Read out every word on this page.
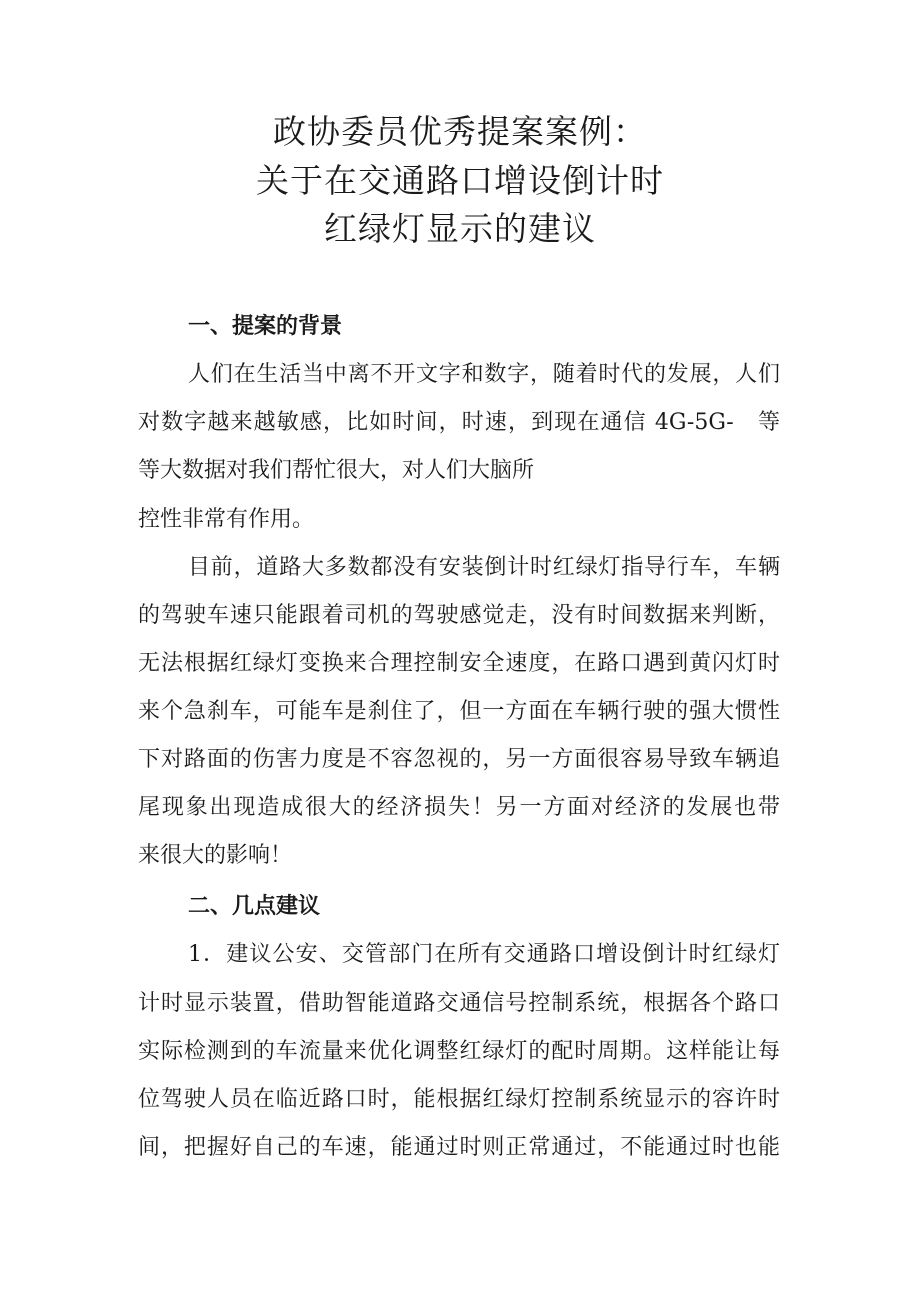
政协委员优秀提案案例：
关于在交通路口增设倒计时
红绿灯显示的建议
一、提案的背景
人们在生活当中离不开文字和数字，随着时代的发展，人们
对数字越来越敏感，比如时间，时速，到现在通信 4G-5G-　等
等大数据对我们帮忙很大，对人们大脑所
控性非常有作用。
目前，道路大多数都没有安装倒计时红绿灯指导行车，车辆
的驾驶车速只能跟着司机的驾驶感觉走，没有时间数据来判断，
无法根据红绿灯变换来合理控制安全速度，在路口遇到黄闪灯时
来个急刹车，可能车是刹住了，但一方面在车辆行驶的强大惯性
下对路面的伤害力度是不容忽视的，另一方面很容易导致车辆追
尾现象出现造成很大的经济损失！另一方面对经济的发展也带
来很大的影响！
二、几点建议
1．建议公安、交管部门在所有交通路口增设倒计时红绿灯
计时显示装置，借助智能道路交通信号控制系统，根据各个路口
实际检测到的车流量来优化调整红绿灯的配时周期。这样能让每
位驾驶人员在临近路口时，能根据红绿灯控制系统显示的容许时
间，把握好自己的车速，能通过时则正常通过，不能通过时也能
